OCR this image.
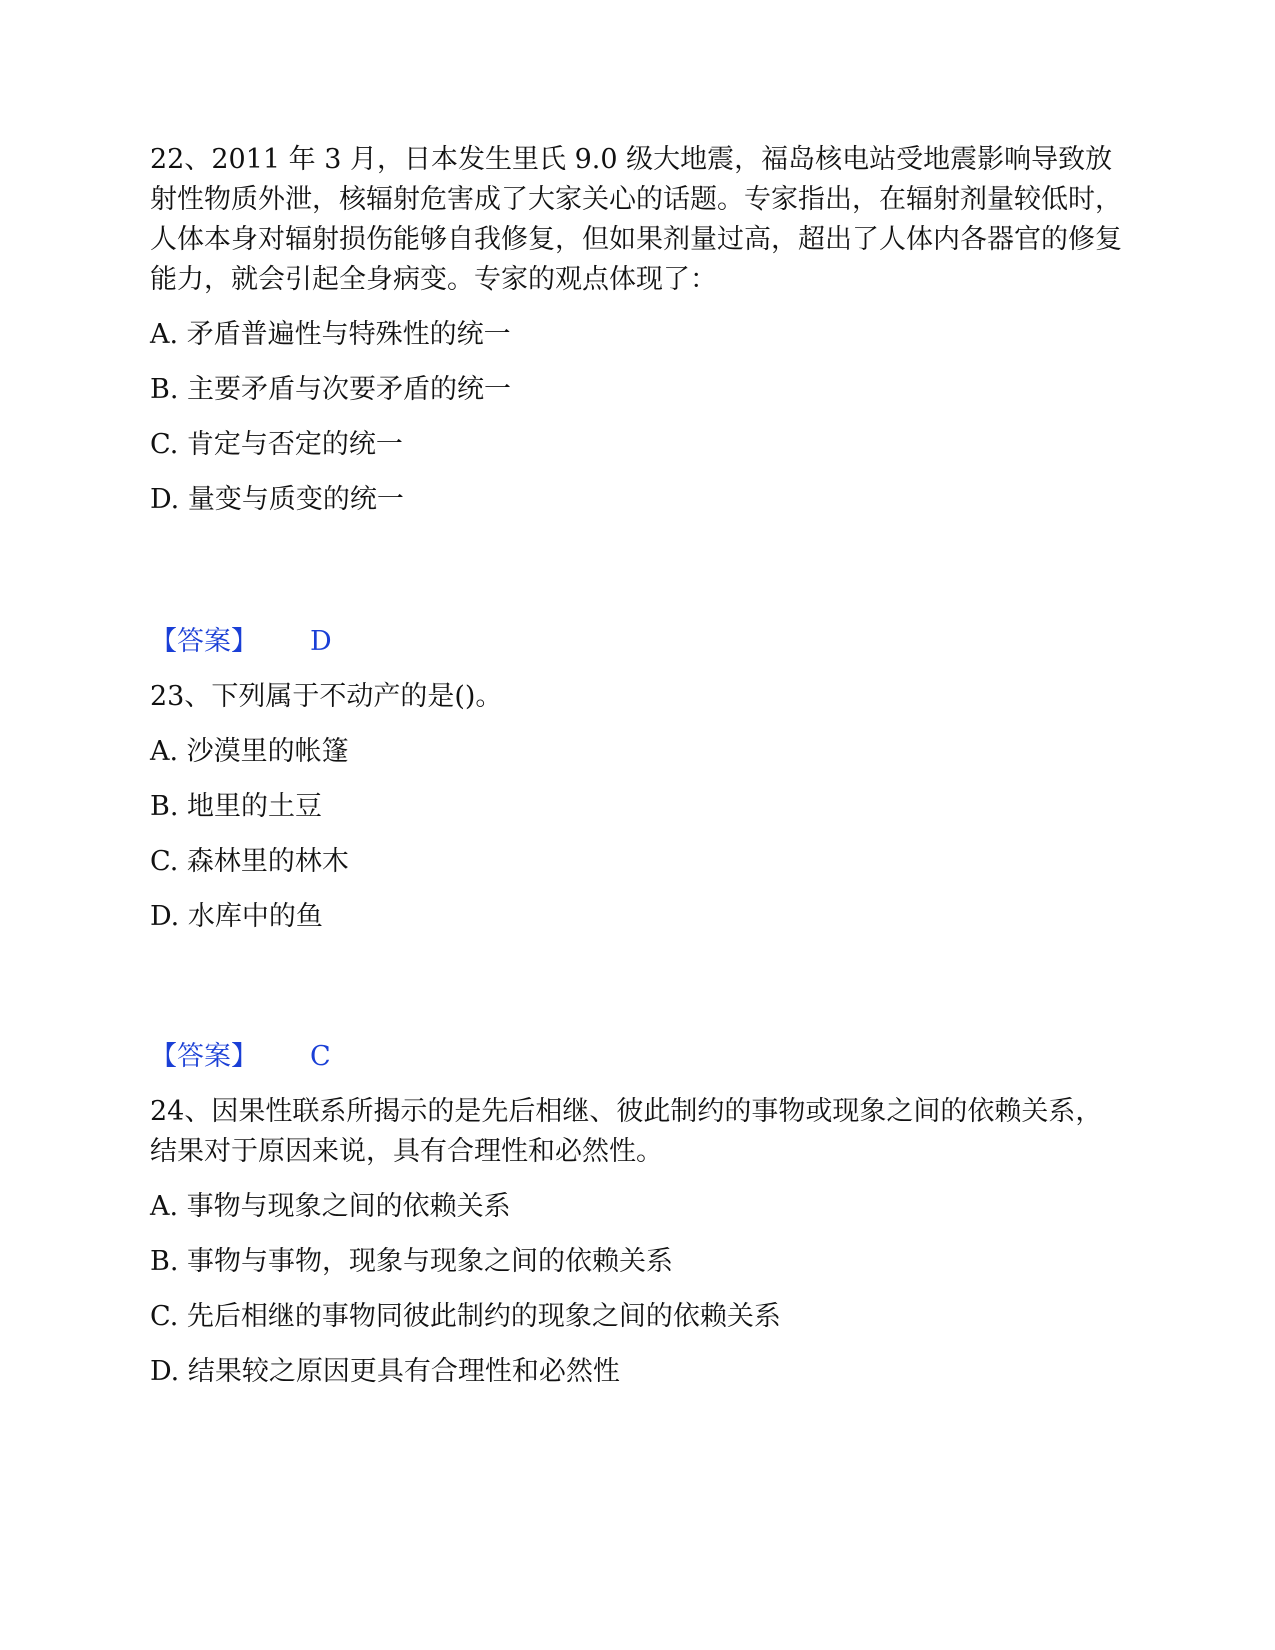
22、2011 年 3 月，日本发生里氏 9.0 级大地震，福岛核电站受地震影响导致放射性物质外泄，核辐射危害成了大家关心的话题。专家指出，在辐射剂量较低时，人体本身对辐射损伤能够自我修复，但如果剂量过高，超出了人体内各器官的修复能力，就会引起全身病变。专家的观点体现了：

A. 矛盾普遍性与特殊性的统一

B. 主要矛盾与次要矛盾的统一

C. 肯定与否定的统一

D. 量变与质变的统一

【答案】 D

23、下列属于不动产的是()。

A. 沙漠里的帐篷

B. 地里的土豆

C. 森林里的林木

D. 水库中的鱼

【答案】 C

24、因果性联系所揭示的是先后相继、彼此制约的事物或现象之间的依赖关系，结果对于原因来说，具有合理性和必然性。

A. 事物与现象之间的依赖关系

B. 事物与事物，现象与现象之间的依赖关系

C. 先后相继的事物同彼此制约的现象之间的依赖关系

D. 结果较之原因更具有合理性和必然性
